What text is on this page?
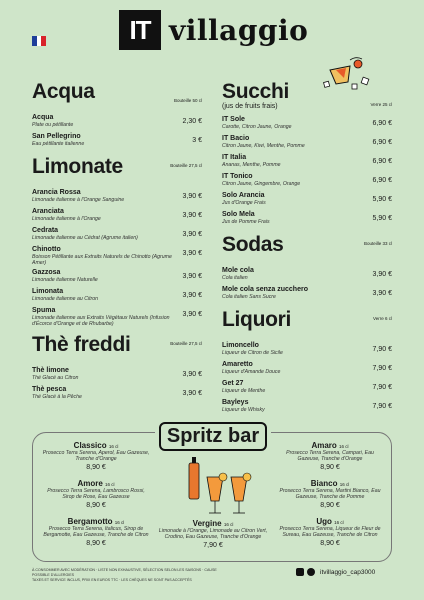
IT villaggio
Acqua	Bouteille 50 cl
Acqua
Plate ou pétillante	2,30 €
San Pellegrino
Eau pétillante italienne	3 €
Limonate	Bouteille 27,5 cl
Arancia Rossa
Limonade italienne à l'Orange Sanguine	3,90 €
Aranciata
Limonade italienne à l'Orange	3,90 €
Cedrata
Limonade italienne au Cédrat (Agrume italien)	3,90 €
Chinotto
Boisson Pétillante aux Extraits Naturels de Chinotto (Agrume Amer)
3,90 €
Gazzosa
Limonade italienne Naturelle	3,90 €
Limonata
Limonade italienne au Citron	3,90 €
Spuma
Limonade italienne aux Extraits Végétaux Naturels (Infusion d'Écorce d'Orange et de Rhubarbe)
3,90 €
Thè freddi	Bouteille 27,5 cl
Thè limone
Thé Glacé au Citron	3,90 €
Thè pesca
Thé Glacé à la Pêche	3,90 €
Succhi
(jus de fruits frais)	Verre 25 cl
IT Sole
Carotte, Citron Jaune, Orange	6,90 €
IT Bacio
Citron Jaune, Kiwi, Menthe, Pomme	6,90 €
IT Italia
Ananas, Menthe, Pomme	6,90 €
IT Tonico
Citron Jaune, Gingembre, Orange	6,90 €
Solo Arancia
Jus d'Orange Frais	5,90 €
Solo Mela
Jus de Pomme Frais	5,90 €
Sodas	Bouteille 33 cl
Mole cola
Cola italien	3,90 €
Mole cola senza zucchero
Cola italien Sans Sucre	3,90 €
Liquori	Verre 6 cl
Limoncello
Liqueur de Citron de Sicile	7,90 €
Amaretto
Liqueur d'Amande Douce	7,90 €
Get 27
Liqueur de Menthe	7,90 €
Bayleys
Liqueur de Whisky	7,90 €
Spritz bar
Classico 16 cl
Prosecco Terra Serena, Aperol, Eau Gazeuse, Tranche d'Orange
8,90 €
Amore 16 cl
Prosecco Terra Serena, Lambrosco Rossi, Sirop de Rose, Eau Gazeuse
8,90 €
Bergamotto 16 cl
Prosecco Terra Serena, Italicus, Sirop de Bergamotte, Eau Gazeuse, Tranche de Citron
8,90 €
Vergine 16 cl
Limonade à l'Orange, Limonade au Citron Vert, Crodino, Eau Gazeuse, Tranche d'Orange
7,90 €
Amaro 16 cl
Prosecco Terra Serena, Campari, Eau Gazeuse, Tranche d'Orange
8,90 €
Bianco 16 cl
Prosecco Terra Serena, Martini Bianco, Eau Gazeuse, Tranche de Pomme
8,90 €
Ugo 16 cl
Prosecco Terra Serena, Liqueur de Fleur de Sureau, Eau Gazeuse, Tranche de Citron
8,90 €
À CONSOMMER AVEC MODÉRATION · LISTE NON EXHAUSTIVE, SÉLECTION SELON LES SAISONS · CAUSE POSSIBLE D'ALLERGIES
TAXES ET SERVICE INCLUS, PRIX EN EUROS TTC · LES CHÈQUES NE SONT PAS ACCEPTÉS
itvillaggio_cap3000
